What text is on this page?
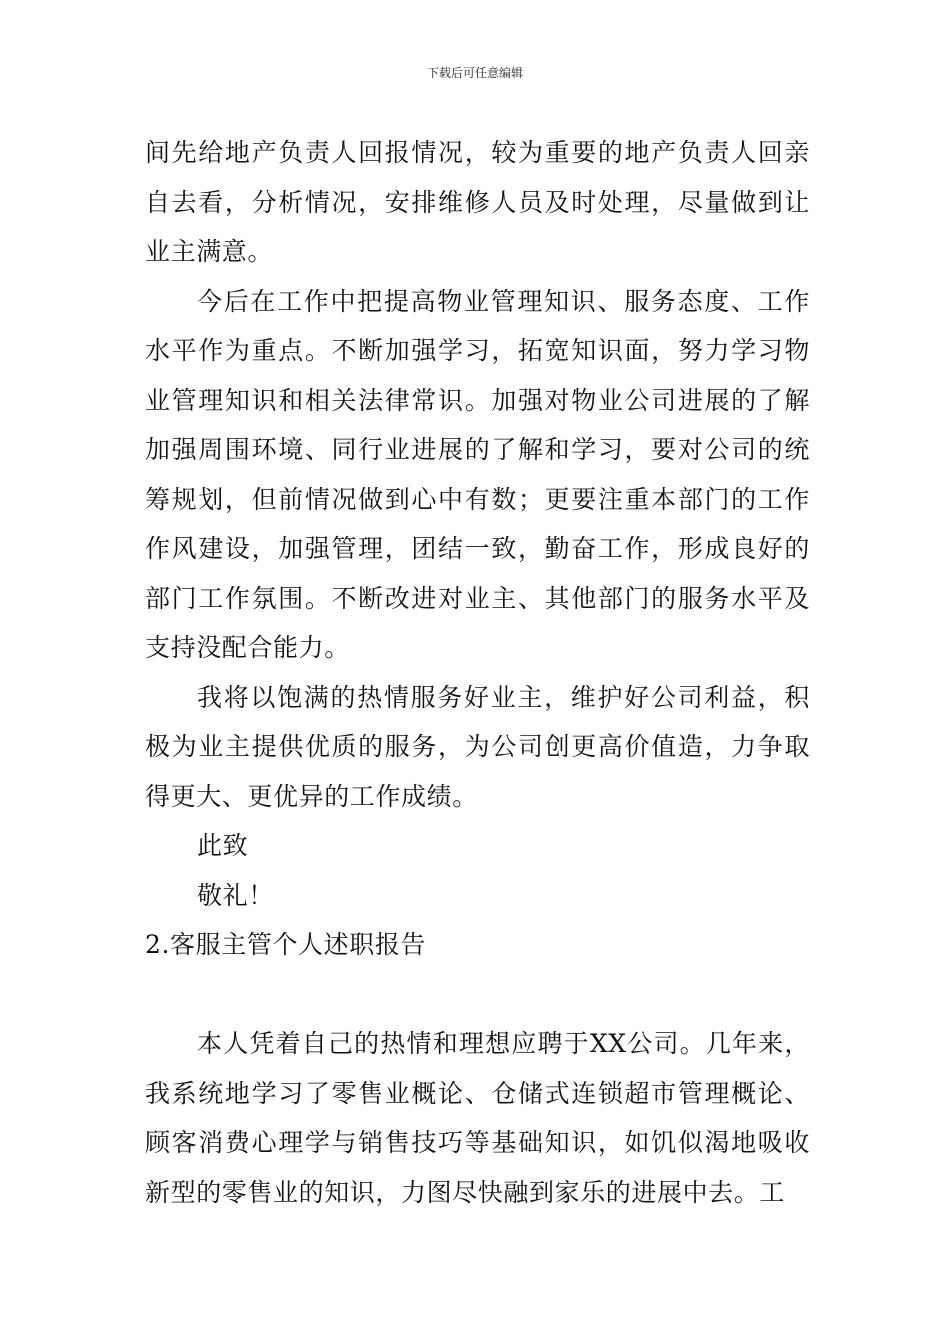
下载后可任意编辑

间先给地产负责人回报情况，较为重要的地产负责人回亲自去看，分析情况，安排维修人员及时处理，尽量做到让业主满意。

今后在工作中把提高物业管理知识、服务态度、工作水平作为重点。不断加强学习，拓宽知识面，努力学习物业管理知识和相关法律常识。加强对物业公司进展的了解加强周围环境、同行业进展的了解和学习，要对公司的统筹规划，但前情况做到心中有数；更要注重本部门的工作作风建设，加强管理，团结一致，勤奋工作，形成良好的部门工作氛围。不断改进对业主、其他部门的服务水平及支持没配合能力。

我将以饱满的热情服务好业主，维护好公司利益，积极为业主提供优质的服务，为公司创更高价值造，力争取得更大、更优异的工作成绩。

此致

敬礼！

2.客服主管个人述职报告

本人凭着自己的热情和理想应聘于XX公司。几年来，我系统地学习了零售业概论、仓储式连锁超市管理概论、顾客消费心理学与销售技巧等基础知识，如饥似渴地吸收新型的零售业的知识，力图尽快融到家乐的进展中去。工
